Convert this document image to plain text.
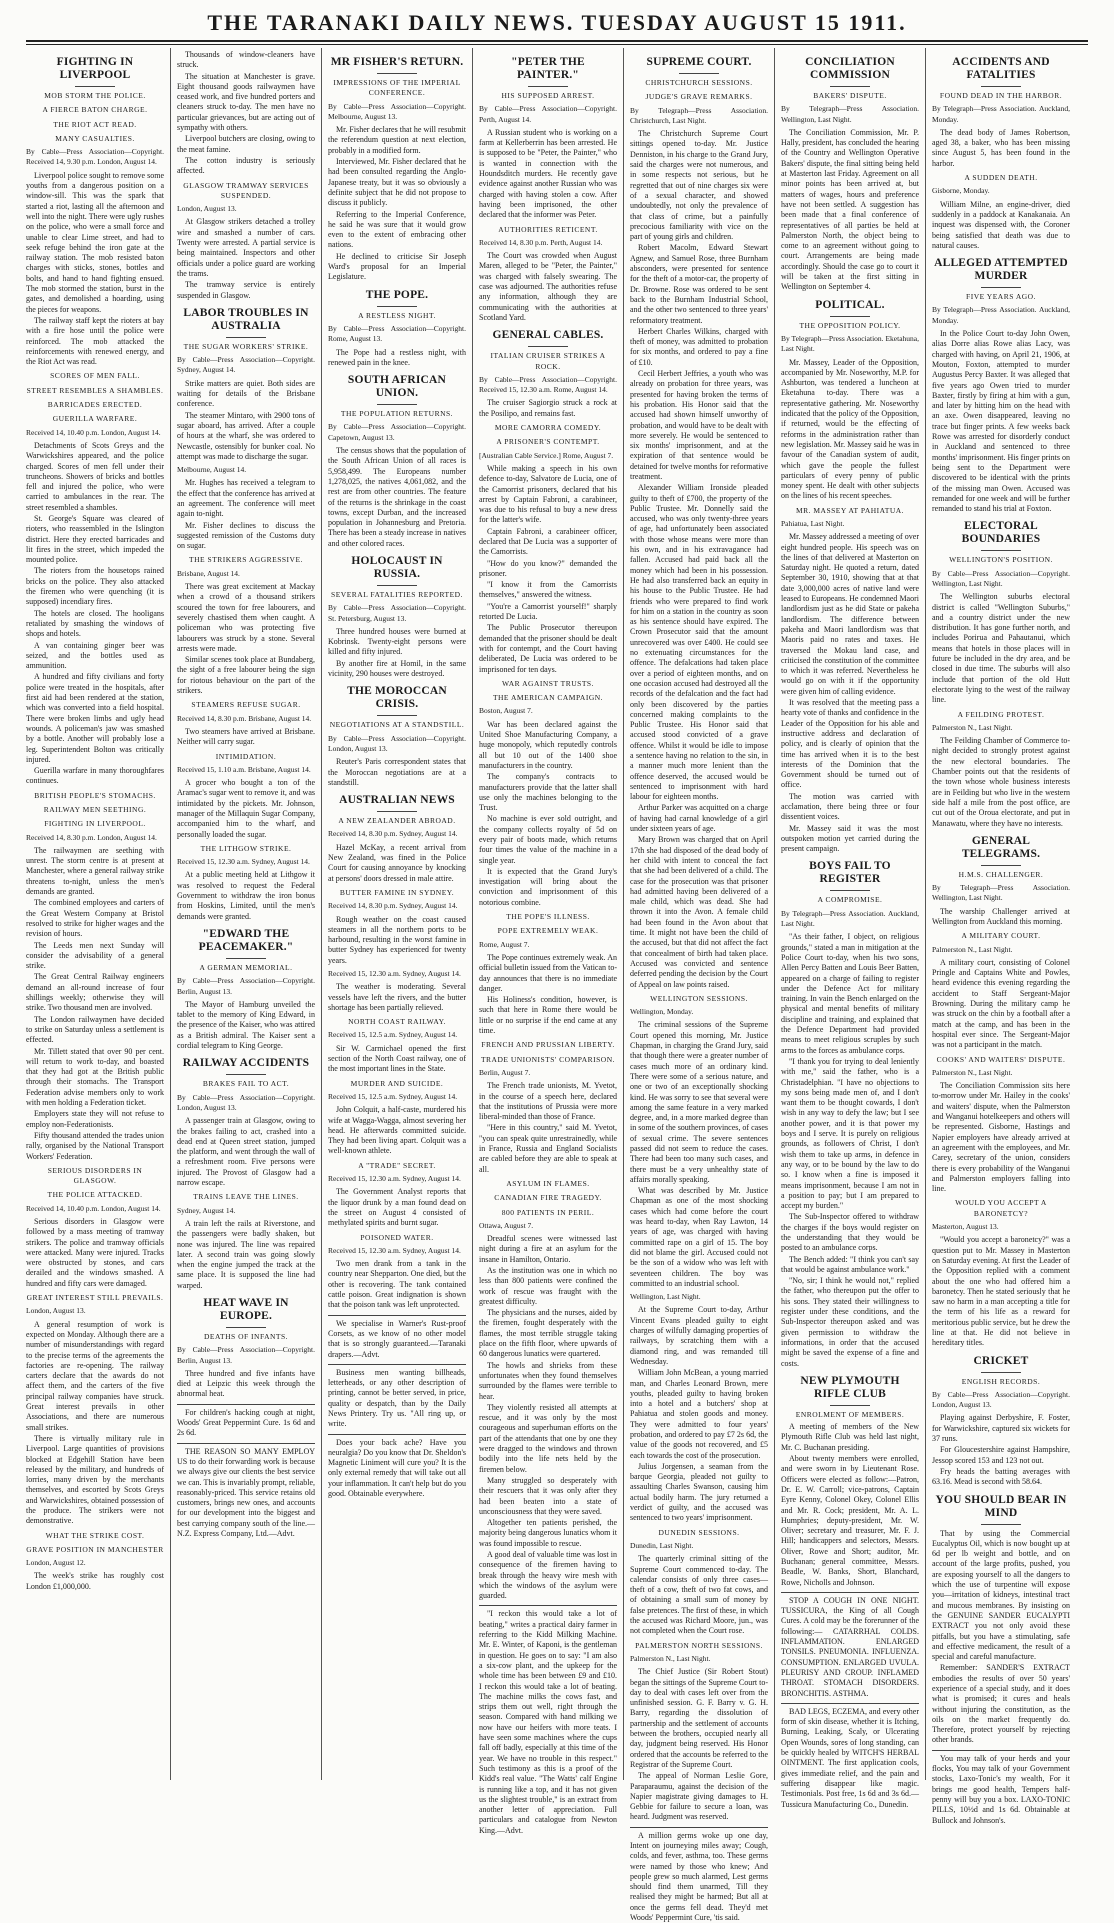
THE TARANAKI DAILY NEWS. TUESDAY AUGUST 15 1911.
FIGHTING IN LIVERPOOL
MOB STORM THE POLICE.
A FIERCE BATON CHARGE.
THE RIOT ACT READ.
MANY CASUALTIES.
By Cable—Press Association—Copyright. Received 14, 9.30 p.m. London, August 14.
Liverpool police sought to remove some youths from a dangerous position on a window-sill. This was the spark that started a riot, lasting all the afternoon and well into the night. There were ugly rushes on the police, who were a small force and unable to clear Lime street, and had to seek refuge behind the iron gate at the railway station. The mob resisted baton charges with sticks, stones, bottles and bolts, and hand to hand fighting ensued. The mob stormed the station, burst in the gates, and demolished a hoarding, using the pieces for weapons.
The railway staff kept the rioters at bay with a fire hose until the police were reinforced. The mob attacked the reinforcements with renewed energy, and the Riot Act was read.
SCORES OF MEN FALL.
STREET RESEMBLES A SHAMBLES.
BARRICADES ERECTED.
GUERILLA WARFARE.
Received 14, 10.40 p.m. London, August 14.
Detachments of Scots Greys and the Warwickshires appeared, and the police charged. Scores of men fell under their truncheons. Showers of bricks and bottles fell and injured the police, who were carried to ambulances in the rear. The street resembled a shambles.
St. George's Square was cleared of rioters, who reassembled in the Islington district. Here they erected barricades and lit fires in the street, which impeded the mounted police.
The rioters from the housetops rained bricks on the police. They also attacked the firemen who were quenching (it is supposed) incendiary fires.
The hotels are closed. The hooligans retaliated by smashing the windows of shops and hotels.
A van containing ginger beer was seized, and the bottles used as ammunition.
A hundred and fifty civilians and forty police were treated in the hospitals, after first aid had been rendered at the station, which was converted into a field hospital. There were broken limbs and ugly head wounds. A policeman's jaw was smashed by a bottle. Another will probably lose a leg. Superintendent Bolton was critically injured.
Guerilla warfare in many thoroughfares continues.
BRITISH PEOPLE'S STOMACHS.
RAILWAY MEN SEETHING.
FIGHTING IN LIVERPOOL.
Received 14, 8.30 p.m. London, August 14.
The railwaymen are seething with unrest. The storm centre is at present at Manchester, where a general railway strike threatens to-night, unless the men's demands are granted.
The combined employees and carters of the Great Western Company at Bristol resolved to strike for higher wages and the revision of hours.
The Leeds men next Sunday will consider the advisability of a general strike.
The Great Central Railway engineers demand an all-round increase of four shillings weekly; otherwise they will strike. Two thousand men are involved.
The London railwaymen have decided to strike on Saturday unless a settlement is effected.
Mr. Tillett stated that over 90 per cent. will return to work to-day, and boasted that they had got at the British public through their stomachs. The Transport Federation advise members only to work with men holding a Federation ticket.
Employers state they will not refuse to employ non-Federationists.
Fifty thousand attended the trades union rally, organised by the National Transport Workers' Federation.
SERIOUS DISORDERS IN GLASGOW.
THE POLICE ATTACKED.
Received 14, 10.40 p.m. London, August 14.
Serious disorders in Glasgow were followed by a mass meeting of tramway strikers. The police and tramway officials were attacked. Many were injured. Tracks were obstructed by stones, and cars derailed and the windows smashed. A hundred and fifty cars were damaged.
GREAT INTEREST STILL PREVAILS.
London, August 13.
A general resumption of work is expected on Monday. Although there are a number of misunderstandings with regard to the precise terms of the agreements the factories are re-opening. The railway carters declare that the awards do not affect them, and the carters of the five principal railway companies have struck. Great interest prevails in other Associations, and there are numerous small strikes.
There is virtually military rule in Liverpool. Large quantities of provisions blocked at Edgehill Station have been released by the military, and hundreds of lorries, many driven by the merchants themselves, and escorted by Scots Greys and Warwickshires, obtained possession of the produce. The strikers were not demonstrative.
WHAT THE STRIKE COST.
GRAVE POSITION IN MANCHESTER
London, August 12.
The week's strike has roughly cost London £1,000,000.
Thousands of window-cleaners have struck.
The situation at Manchester is grave. Eight thousand goods railwaymen have ceased work, and five hundred porters and cleaners struck to-day. The men have no particular grievances, but are acting out of sympathy with others.
Liverpool butchers are closing, owing to the meat famine.
The cotton industry is seriously affected.
GLASGOW TRAMWAY SERVICES SUSPENDED.
London, August 13.
At Glasgow strikers detached a trolley wire and smashed a number of cars. Twenty were arrested. A partial service is being maintained. Inspectors and other officials under a police guard are working the trams.
The tramway service is entirely suspended in Glasgow.
LABOR TROUBLES IN AUSTRALIA
THE SUGAR WORKERS' STRIKE.
By Cable—Press Association—Copyright. Sydney, August 14.
Strike matters are quiet. Both sides are waiting for details of the Brisbane conference.
The steamer Mintaro, with 2900 tons of sugar aboard, has arrived. After a couple of hours at the wharf, she was ordered to Newcastle, ostensibly for bunker coal. No attempt was made to discharge the sugar.
Melbourne, August 14.
Mr. Hughes has received a telegram to the effect that the conference has arrived at an agreement. The conference will meet again to-night.
Mr. Fisher declines to discuss the suggested remission of the Customs duty on sugar.
THE STRIKERS AGGRESSIVE.
Brisbane, August 14.
There was great excitement at Mackay when a crowd of a thousand strikers scoured the town for free labourers, and severely chastised them when caught. A policeman who was protecting five labourers was struck by a stone. Several arrests were made.
Similar scenes took place at Bundaberg, the sight of a free labourer being the sign for riotous behaviour on the part of the strikers.
STEAMERS REFUSE SUGAR.
Received 14, 8.30 p.m. Brisbane, August 14.
Two steamers have arrived at Brisbane. Neither will carry sugar.
INTIMIDATION.
Received 15, 1.10 a.m. Brisbane, August 14.
A grocer who bought a ton of the Aramac's sugar went to remove it, and was intimidated by the pickets. Mr. Johnson, manager of the Millaquin Sugar Company, accompanied him to the wharf, and personally loaded the sugar.
THE LITHGOW STRIKE.
Received 15, 12.30 a.m. Sydney, August 14.
At a public meeting held at Lithgow it was resolved to request the Federal Government to withdraw the iron bonus from Hoskins, Limited, until the men's demands were granted.
"EDWARD THE PEACEMAKER."
A GERMAN MEMORIAL.
By Cable—Press Association—Copyright. Berlin, August 13.
The Mayor of Hamburg unveiled the tablet to the memory of King Edward, in the presence of the Kaiser, who was attired as a British admiral. The Kaiser sent a cordial telegram to King George.
RAILWAY ACCIDENTS
BRAKES FAIL TO ACT.
By Cable—Press Association—Copyright. London, August 13.
A passenger train at Glasgow, owing to the brakes failing to act, crashed into a dead end at Queen street station, jumped the platform, and went through the wall of a refreshment room. Five persons were injured. The Provost of Glasgow had a narrow escape.
TRAINS LEAVE THE LINES.
Sydney, August 14.
A train left the rails at Riverstone, and the passengers were badly shaken, but none was injured. The line was repaired later. A second train was going slowly when the engine jumped the track at the same place. It is supposed the line had warped.
HEAT WAVE IN EUROPE.
DEATHS OF INFANTS.
By Cable—Press Association—Copyright. Berlin, August 13.
Three hundred and five infants have died at Leipzic this week through the abnormal heat.
For children's hacking cough at night, Woods' Great Peppermint Cure. 1s 6d and 2s 6d.
THE REASON SO MANY EMPLOY US to do their forwarding work is because we always give our clients the best service we can. This is invariably prompt, reliable, reasonably-priced. This service retains old customers, brings new ones, and accounts for our development into the biggest and best carrying company south of the line.—N.Z. Express Company, Ltd.—Advt.
MR FISHER'S RETURN.
IMPRESSIONS OF THE IMPERIAL CONFERENCE.
By Cable—Press Association—Copyright. Melbourne, August 13.
Mr. Fisher declares that he will resubmit the referendum question at next election, probably in a modified form.
Interviewed, Mr. Fisher declared that he had been consulted regarding the Anglo-Japanese treaty, but it was so obviously a definite subject that he did not propose to discuss it publicly.
Referring to the Imperial Conference, he said he was sure that it would grow even to the extent of embracing other nations.
He declined to criticise Sir Joseph Ward's proposal for an Imperial Legislature.
THE POPE.
A RESTLESS NIGHT.
By Cable—Press Association—Copyright. Rome, August 13.
The Pope had a restless night, with renewed pain in the knee.
SOUTH AFRICAN UNION.
THE POPULATION RETURNS.
By Cable—Press Association—Copyright. Capetown, August 13.
The census shows that the population of the South African Union of all races is 5,958,499. The Europeans number 1,278,025, the natives 4,061,082, and the rest are from other countries. The feature of the returns is the shrinkage in the coast towns, except Durban, and the increased population in Johannesburg and Pretoria. There has been a steady increase in natives and other colored races.
HOLOCAUST IN RUSSIA.
SEVERAL FATALITIES REPORTED.
By Cable—Press Association—Copyright. St. Petersburg, August 13.
Three hundred houses were burned at Kobrinsk. Twenty-eight persons were killed and fifty injured.
By another fire at Homil, in the same vicinity, 290 houses were destroyed.
THE MOROCCAN CRISIS.
NEGOTIATIONS AT A STANDSTILL.
By Cable—Press Association—Copyright. London, August 13.
Reuter's Paris correspondent states that the Moroccan negotiations are at a standstill.
AUSTRALIAN NEWS
A NEW ZEALANDER ABROAD.
Received 14, 8.30 p.m. Sydney, August 14.
Hazel McKay, a recent arrival from New Zealand, was fined in the Police Court for causing annoyance by knocking at persons' doors dressed in male attire.
BUTTER FAMINE IN SYDNEY.
Received 14, 8.30 p.m. Sydney, August 14.
Rough weather on the coast caused steamers in all the northern ports to be harbound, resulting in the worst famine in butter Sydney has experienced for twenty years.
Received 15, 12.30 a.m. Sydney, August 14.
The weather is moderating. Several vessels have left the rivers, and the butter shortage has been partially relieved.
NORTH COAST RAILWAY.
Received 15, 12.5 a.m. Sydney, August 14.
Sir W. Carmichael opened the first section of the North Coast railway, one of the most important lines in the State.
MURDER AND SUICIDE.
Received 15, 12.5 a.m. Sydney, August 14.
John Colquit, a half-caste, murdered his wife at Wagga-Wagga, almost severing her head. He afterwards committed suicide. They had been living apart. Colquit was a well-known athlete.
A "TRADE" SECRET.
Received 15, 12.30 a.m. Sydney, August 14.
The Government Analyst reports that the liquor drunk by a man found dead on the street on August 4 consisted of methylated spirits and burnt sugar.
POISONED WATER.
Received 15, 12.30 a.m. Sydney, August 14.
Two men drank from a tank in the country near Shepparton. One died, but the other is recovering. The tank contained cattle poison. Great indignation is shown that the poison tank was left unprotected.
We specialise in Warner's Rust-proof Corsets, as we know of no other model that is so strongly guaranteed.—Taranaki drapers.—Advt.
Business men wanting billheads, letterheads, or any other description of printing, cannot be better served, in price, quality or despatch, than by the Daily News Printery. Try us. "All ring up, or write.
Does your back ache? Have you neuralgia? Do you know that Dr. Sheldon's Magnetic Liniment will cure you? It is the only external remedy that will take out all your inflammation. It can't help but do you good. Obtainable everywhere.
"PETER THE PAINTER."
HIS SUPPOSED ARREST.
By Cable—Press Association—Copyright. Perth, August 14.
A Russian student who is working on a farm at Kellerberrin has been arrested. He is supposed to be "Peter, the Painter," who is wanted in connection with the Houndsditch murders. He recently gave evidence against another Russian who was charged with having stolen a cow. After having been imprisoned, the other declared that the informer was Peter.
AUTHORITIES RETICENT.
Received 14, 8.30 p.m. Perth, August 14.
The Court was crowded when August Maren, alleged to be "Peter, the Painter," was charged with falsely swearing. The case was adjourned. The authorities refuse any information, although they are communicating with the authorities at Scotland Yard.
GENERAL CABLES.
ITALIAN CRUISER STRIKES A ROCK.
By Cable—Press Association—Copyright. Received 15, 12.30 a.m. Rome, August 14.
The cruiser Sagiorgio struck a rock at the Posilipo, and remains fast.
MORE CAMORRA COMEDY.
A PRISONER'S CONTEMPT.
[Australian Cable Service.] Rome, August 7.
While making a speech in his own defence to-day, Salvatore de Lucia, one of the Camorrist prisoners, declared that his arrest by Captain Fabroni, a carabineer, was due to his refusal to buy a new dress for the latter's wife.
Captain Fabroni, a carabineer officer, declared that De Lucia was a supporter of the Camorrists.
"How do you know?" demanded the prisoner.
"I know it from the Camorrists themselves," answered the witness.
"You're a Camorrist yourself!" sharply retorted De Lucia.
The Public Prosecutor thereupon demanded that the prisoner should be dealt with for contempt, and the Court having deliberated, De Lucia was ordered to be imprisoned for ten days.
WAR AGAINST TRUSTS.
THE AMERICAN CAMPAIGN.
Boston, August 7.
War has been declared against the United Shoe Manufacturing Company, a huge monopoly, which reputedly controls all but 10 out of the 1400 shoe manufacturers in the country.
The company's contracts to manufacturers provide that the latter shall use only the machines belonging to the Trust.
No machine is ever sold outright, and the company collects royalty of 5d on every pair of boots made, which returns four times the value of the machine in a single year.
It is expected that the Grand Jury's investigation will bring about the conviction and imprisonment of this notorious combine.
THE POPE'S ILLNESS.
POPE EXTREMELY WEAK.
Rome, August 7.
The Pope continues extremely weak. An official bulletin issued from the Vatican to-day announces that there is no immediate danger.
His Holiness's condition, however, is such that here in Rome there would be little or no surprise if the end came at any time.
FRENCH AND PRUSSIAN LIBERTY.
TRADE UNIONISTS' COMPARISON.
Berlin, August 7.
The French trade unionists, M. Yvetot, in the course of a speech here, declared that the institutions of Prussia were more liberal-minded than those of France.
"Here in this country," said M. Yvetot, "you can speak quite unrestrainedly, while in France, Russia and England Socialists are cabled before they are able to speak at all.
ASYLUM IN FLAMES.
CANADIAN FIRE TRAGEDY.
800 PATIENTS IN PERIL.
Ottawa, August 7.
Dreadful scenes were witnessed last night during a fire at an asylum for the insane in Hamilton, Ontario.
As the institution was one in which no less than 800 patients were confined the work of rescue was fraught with the greatest difficulty.
The physicians and the nurses, aided by the firemen, fought desperately with the flames, the most terrible struggle taking place on the fifth floor, where upwards of 60 dangerous lunatics were quartered.
The howls and shrieks from these unfortunates when they found themselves surrounded by the flames were terrible to hear.
They violently resisted all attempts at rescue, and it was only by the most courageous and superhuman efforts on the part of the attendants that one by one they were dragged to the windows and thrown bodily into the life nets held by the firemen below.
Many struggled so desperately with their rescuers that it was only after they had been beaten into a state of unconsciousness that they were saved.
Altogether ten patients perished, the majority being dangerous lunatics whom it was found impossible to rescue.
A good deal of valuable time was lost in consequence of the firemen having to break through the heavy wire mesh with which the windows of the asylum were guarded.
"I reckon this would take a lot of beating," writes a practical dairy farmer in referring to the Kidd Milking Machine. Mr. E. Winter, of Kaponi, is the gentleman in question. He goes on to say: "I am also a six-cow plant, and the upkeep for the whole time has been between £9 and £10. I reckon this would take a lot of beating. The machine milks the cows fast, and strips them out well, right through the season. Compared with hand milking we now have our heifers with more teats. I have seen some machines where the cups fall off badly, especially at this time of the year. We have no trouble in this respect." Such testimony as this is a proof of the Kidd's real value. "The Watts' calf Engine is running like a top, and it has not given us the slightest trouble," is an extract from another letter of appreciation. Full particulars and catalogue from Newton King.—Advt.
SUPREME COURT.
CHRISTCHURCH SESSIONS.
JUDGE'S GRAVE REMARKS.
By Telegraph—Press Association. Christchurch, Last Night.
The Christchurch Supreme Court sittings opened to-day. Mr. Justice Denniston, in his charge to the Grand Jury, said the charges were not numerous, and in some respects not serious, but he regretted that out of nine charges six were of a sexual character, and showed undoubtedly, not only the prevalence of that class of crime, but a painfully precocious familiarity with vice on the part of young girls and children.
Robert Macolm, Edward Stewart Agnew, and Samuel Rose, three Burnham absconders, were presented for sentence for the theft of a motor-car, the property of Dr. Browne. Rose was ordered to be sent back to the Burnham Industrial School, and the other two sentenced to three years' reformatory treatment.
Herbert Charles Wilkins, charged with theft of money, was admitted to probation for six months, and ordered to pay a fine of £10.
Cecil Herbert Jeffries, a youth who was already on probation for three years, was presented for having broken the terms of his probation. His Honor said that the accused had shown himself unworthy of probation, and would have to be dealt with more severely. He would be sentenced to six months' imprisonment, and at the expiration of that sentence would be detained for twelve months for reformative treatment.
Alexander William Ironside pleaded guilty to theft of £700, the property of the Public Trustee. Mr. Donnelly said the accused, who was only twenty-three years of age, had unfortunately been associated with those whose means were more than his own, and in his extravagance had fallen. Accused had paid back all the money which had been in his possession. He had also transferred back an equity in his house to the Public Trustee. He had friends who were prepared to find work for him on a station in the country as soon as his sentence should have expired. The Crown Prosecutor said that the amount unrecovered was over £400. He could see no extenuating circumstances for the offence. The defalcations had taken place over a period of eighteen months, and on one occasion accused had destroyed all the records of the defalcation and the fact had only been discovered by the parties concerned making complaints to the Public Trustee. His Honor said that accused stood convicted of a grave offence. Whilst it would be idle to impose a sentence having no relation to the sin, in a manner much more lenient than the offence deserved, the accused would be sentenced to imprisonment with hard labour for eighteen months.
Arthur Parker was acquitted on a charge of having had carnal knowledge of a girl under sixteen years of age.
Mary Brown was charged that on April 17th she had disposed of the dead body of her child with intent to conceal the fact that she had been delivered of a child. The case for the prosecution was that prisoner had admitted having been delivered of a male child, which was dead. She had thrown it into the Avon. A female child had been found in the Avon about that time. It might not have been the child of the accused, but that did not affect the fact that concealment of birth had taken place. Accused was convicted and sentence deferred pending the decision by the Court of Appeal on law points raised.
WELLINGTON SESSIONS.
Wellington, Monday.
The criminal sessions of the Supreme Court opened this morning, Mr. Justice Chapman, in charging the Grand Jury, said that though there were a greater number of cases much more of an ordinary kind. There were some of a serious nature, and one or two of an exceptionally shocking kind. He was sorry to see that several were among the same feature in a very marked degree, and, in a more marked degree than in some of the southern provinces, of cases of sexual crime. The severe sentences passed did not seem to reduce the cases. There had been too many such cases, and there must be a very unhealthy state of affairs morally speaking.
What was described by Mr. Justice Chapman as one of the most shocking cases which had come before the court was heard to-day, when Ray Lawton, 14 years of age, was charged with having committed rape on a girl of 15. The boy did not blame the girl. Accused could not be the son of a widow who was left with seventeen children. The boy was committed to an industrial school.
Wellington, Last Night.
At the Supreme Court to-day, Arthur Vincent Evans pleaded guilty to eight charges of wilfully damaging properties of railways, by scratching them with a diamond ring, and was remanded till Wednesday.
William John McBean, a young married man, and Charles Leonard Brown, mere youths, pleaded guilty to having broken into a hotel and a butchers' shop at Pahiatua and stolen goods and money. They were admitted to four years' probation, and ordered to pay £7 2s 6d, the value of the goods not recovered, and £5 each towards the cost of the prosecution.
Julius Jorgensen, a seaman from the barque Georgia, pleaded not guilty to assaulting Charles Swanson, causing him actual bodily harm. The jury returned a verdict of guilty, and the accused was sentenced to two years' imprisonment.
DUNEDIN SESSIONS.
Dunedin, Last Night.
The quarterly criminal sitting of the Supreme Court commenced to-day. The calendar consists of only three cases—theft of a cow, theft of two fat cows, and of obtaining a small sum of money by false pretences. The first of these, in which the accused was Richard Moore, jun., was not completed when the Court rose.
PALMERSTON NORTH SESSIONS.
Palmerston N., Last Night.
The Chief Justice (Sir Robert Stout) began the sittings of the Supreme Court to-day to deal with cases left over from the unfinished session. G. F. Barry v. G. H. Barry, regarding the dissolution of partnership and the settlement of accounts between the brothers, occupied nearly all day, judgment being reserved. His Honor ordered that the accounts be referred to the Registrar of the Supreme Court.
The appeal of Norman Leslie Gore, Paraparaumu, against the decision of the Napier magistrate giving damages to H. Gebbie for failure to secure a loan, was heard. Judgment was reserved.
A million germs woke up one day, Intent on journeying miles away; Cough, colds, and fever, asthma, too. These germs were named by those who knew; And people grew so much alarmed, Lest germs should find them unarmed, Till they realised they might be harmed; But all at once the germs fell dead. They'd met Woods' Peppermint Cure, 'tis said.
CONCILIATION COMMISSION
BAKERS' DISPUTE.
By Telegraph—Press Association. Wellington, Last Night.
The Conciliation Commission, Mr. P. Hally, president, has concluded the hearing of the Country and Wellington Operative Bakers' dispute, the final sitting being held at Masterton last Friday. Agreement on all minor points has been arrived at, but matters of wages, hours and preference have not been settled. A suggestion has been made that a final conference of representatives of all parties be held at Palmerston North, the object being to come to an agreement without going to court. Arrangements are being made accordingly. Should the case go to court it will be taken at the first sitting in Wellington on September 4.
POLITICAL.
THE OPPOSITION POLICY.
By Telegraph—Press Association. Eketahuna, Last Night.
Mr. Massey, Leader of the Opposition, accompanied by Mr. Noseworthy, M.P. for Ashburton, was tendered a luncheon at Eketahuna to-day. There was a representative gathering. Mr. Noseworthy indicated that the policy of the Opposition, if returned, would be the effecting of reforms in the administration rather than new legislation. Mr. Massey said he was in favour of the Canadian system of audit, which gave the people the fullest particulars of every penny of public money spent. He dealt with other subjects on the lines of his recent speeches.
MR. MASSEY AT PAHIATUA.
Pahiatua, Last Night.
Mr. Massey addressed a meeting of over eight hundred people. His speech was on the lines of that delivered at Masterton on Saturday night. He quoted a return, dated September 30, 1910, showing that at that date 3,000,000 acres of native land were leased to Europeans. He condemned Maori landlordism just as he did State or pakeha landlordism. The difference between pakeha and Maori landlordism was that Maoris paid no rates and taxes. He traversed the Mokau land case, and criticised the constitution of the committee to which it was referred. Nevertheless he would go on with it if the opportunity were given him of calling evidence.
It was resolved that the meeting pass a hearty vote of thanks and confidence in the Leader of the Opposition for his able and instructive address and declaration of policy, and is clearly of opinion that the time has arrived when it is to the best interests of the Dominion that the Government should be turned out of office.
The motion was carried with acclamation, there being three or four dissentient voices.
Mr. Massey said it was the most outspoken motion yet carried during the present campaign.
BOYS FAIL TO REGISTER
A COMPROMISE.
By Telegraph—Press Association. Auckland, Last Night.
"As their father, I object, on religious grounds," stated a man in mitigation at the Police Court to-day, when his two sons, Allen Percy Batten and Louis Beer Batten, appeared on a charge of failing to register under the Defence Act for military training. In vain the Bench enlarged on the physical and mental benefits of military discipline and training, and explained that the Defence Department had provided means to meet religious scruples by such arms to the forces as ambulance corps.
"I thank you for trying to deal leniently with me," said the father, who is a Christadelphian. "I have no objections to my sons being made men of, and I don't want them to be thought cowards, I don't wish in any way to defy the law; but I see another power, and it is that power my boys and I serve. It is purely on religious grounds, as followers of Christ, I don't wish them to take up arms, in defence in any way, or to be bound by the law to do so. I know when a fine is imposed it means imprisonment, because I am not in a position to pay; but I am prepared to accept my burden."
The Sub-Inspector offered to withdraw the charges if the boys would register on the understanding that they would be posted to an ambulance corps.
The Bench added: "I think you can't say that would be against ambulance work."
"No, sir; I think he would not," replied the father, who thereupon put the offer to his sons. They stated their willingness to register under these conditions, and the Sub-Inspector thereupon asked and was given permission to withdraw the informations, in order that the accused might be saved the expense of a fine and costs.
NEW PLYMOUTH RIFLE CLUB
ENROLMENT OF MEMBERS.
A meeting of members of the New Plymouth Rifle Club was held last night, Mr. C. Buchanan presiding.
About twenty members were enrolled, and were sworn in by Lieutenant Rose. Officers were elected as follow:—Patron, Dr. E. W. Carroll; vice-patrons, Captain Eyre Kenny, Colonel Okey, Colonel Ellis and Mr. R. Cock; president, Mr. A. L. Humphries; deputy-president, Mr. W. Oliver; secretary and treasurer, Mr. F. J. Hill; handicappers and selectors, Messrs. Oliver, Rowe and Short; auditor, Mr. Buchanan; general committee, Messrs. Beadle, W. Banks, Short, Blanchard, Rowe, Nicholls and Johnson.
STOP A COUGH IN ONE NIGHT. TUSSICURA, the King of all Cough Cures. A cold may be the forerunner of the following:— CATARRHAL COLDS. INFLAMMATION. ENLARGED TONSILS. PNEUMONIA. INFLUENZA. CONSUMPTION. ENLARGED UVULA. PLEURISY AND CROUP. INFLAMED THROAT. STOMACH DISORDERS. BRONCHITIS. ASTHMA.
BAD LEGS, ECZEMA, and every other form of skin disease, whether it is Itching, Burning, Leaking, Scaly, or Ulcerating Open Wounds, sores of long standing, can be quickly healed by WITCH'S HERBAL OINTMENT. The first application cools, gives immediate relief, and the pain and suffering disappear like magic. Testimonials. Post free, 1s 6d and 3s 6d.—Tussicura Manufacturing Co., Dunedin.
ACCIDENTS AND FATALITIES
FOUND DEAD IN THE HARBOR.
By Telegraph—Press Association. Auckland, Monday.
The dead body of James Robertson, aged 38, a baker, who has been missing since August 5, has been found in the harbor.
A SUDDEN DEATH.
Gisborne, Monday.
William Milne, an engine-driver, died suddenly in a paddock at Kanakanaia. An inquest was dispensed with, the Coroner being satisfied that death was due to natural causes.
ALLEGED ATTEMPTED MURDER
FIVE YEARS AGO.
By Telegraph—Press Association. Auckland, Monday.
In the Police Court to-day John Owen, alias Dorre alias Rowe alias Lacy, was charged with having, on April 21, 1906, at Mouton, Foxton, attempted to murder Augustus Percy Baxter. It was alleged that five years ago Owen tried to murder Baxter, firstly by firing at him with a gun, and later by hitting him on the head with an axe. Owen disappeared, leaving no trace but finger prints. A few weeks back Rowe was arrested for disorderly conduct in Auckland and sentenced to three months' imprisonment. His finger prints on being sent to the Department were discovered to be identical with the prints of the missing man Owen. Accused was remanded for one week and will be further remanded to stand his trial at Foxton.
ELECTORAL BOUNDARIES
WELLINGTON'S POSITION.
By Cable—Press Association—Copyright. Wellington, Last Night.
The Wellington suburbs electoral district is called "Wellington Suburbs," and a country district under the new distribution. It has gone further north, and includes Porirua and Pahautanui, which means that hotels in those places will in future be included in the dry area, and be closed in due time. The suburbs will also include that portion of the old Hutt electorate lying to the west of the railway line.
A FEILDING PROTEST.
Palmerston N., Last Night.
The Feilding Chamber of Commerce to-night decided to strongly protest against the new electoral boundaries. The Chamber points out that the residents of the town whose whole business interests are in Feilding but who live in the western side half a mile from the post office, are cut out of the Oroua electorate, and put in Manawatu, where they have no interests.
GENERAL TELEGRAMS.
H.M.S. CHALLENGER.
By Telegraph—Press Association. Wellington, Last Night.
The warship Challenger arrived at Wellington from Auckland this morning.
A MILITARY COURT.
Palmerston N., Last Night.
A military court, consisting of Colonel Pringle and Captains White and Powles, heard evidence this evening regarding the accident to Staff Sergeant-Major Browning. During the military camp he was struck on the chin by a football after a match at the camp, and has been in the hospital ever since. The Sergeant-Major was not a participant in the match.
COOKS' AND WAITERS' DISPUTE.
Palmerston N., Last Night.
The Conciliation Commission sits here to-morrow under Mr. Hailey in the cooks' and waiters' dispute, when the Palmerston and Wanganui hotelkeepers and others will be represented. Gisborne, Hastings and Napier employers have already arrived at an agreement with the employees, and Mr. Carey, secretary of the union, considers there is every probability of the Wanganui and Palmerston employers falling into line.
WOULD YOU ACCEPT A BARONETCY?
Masterton, August 13.
"Would you accept a baronetcy?" was a question put to Mr. Massey in Masterton on Saturday evening. At first the Leader of the Opposition replied with a comment about the one who had offered him a baronetcy. Then he stated seriously that he saw no harm in a man accepting a title for the term of his life as a reward for meritorious public service, but he drew the line at that. He did not believe in hereditary titles.
CRICKET
ENGLISH RECORDS.
By Cable—Press Association—Copyright. London, August 13.
Playing against Derbyshire, F. Foster, for Warwickshire, captured six wickets for 37 runs.
For Gloucestershire against Hampshire, Jessop scored 153 and 123 not out.
Fry heads the batting averages with 63.16. Mead is second with 58.64.
YOU SHOULD BEAR IN MIND
That by using the Commercial Eucalyptus Oil, which is now bought up at 6d per lb weight and bottle, and on account of the large profits, pushed, you are exposing yourself to all the dangers to which the use of turpentine will expose you—irritation of kidneys, intestinal tract and mucous membranes. By insisting on the GENUINE SANDER EUCALYPTI EXTRACT you not only avoid these pitfalls, but you have a stimulating, safe and effective medicament, the result of a special and careful manufacture.
Remember: SANDER'S EXTRACT embodies the results of over 50 years' experience of a special study, and it does what is promised; it cures and heals without injuring the constitution, as the oils on the market frequently do. Therefore, protect yourself by rejecting other brands.
You may talk of your herds and your flocks, You may talk of your Government stocks, Laxo-Tonic's my wealth, For it brings me good health, Tempers half-penny will buy you a box. LAXO-TONIC PILLS, 10½d and 1s 6d. Obtainable at Bullock and Johnson's.
